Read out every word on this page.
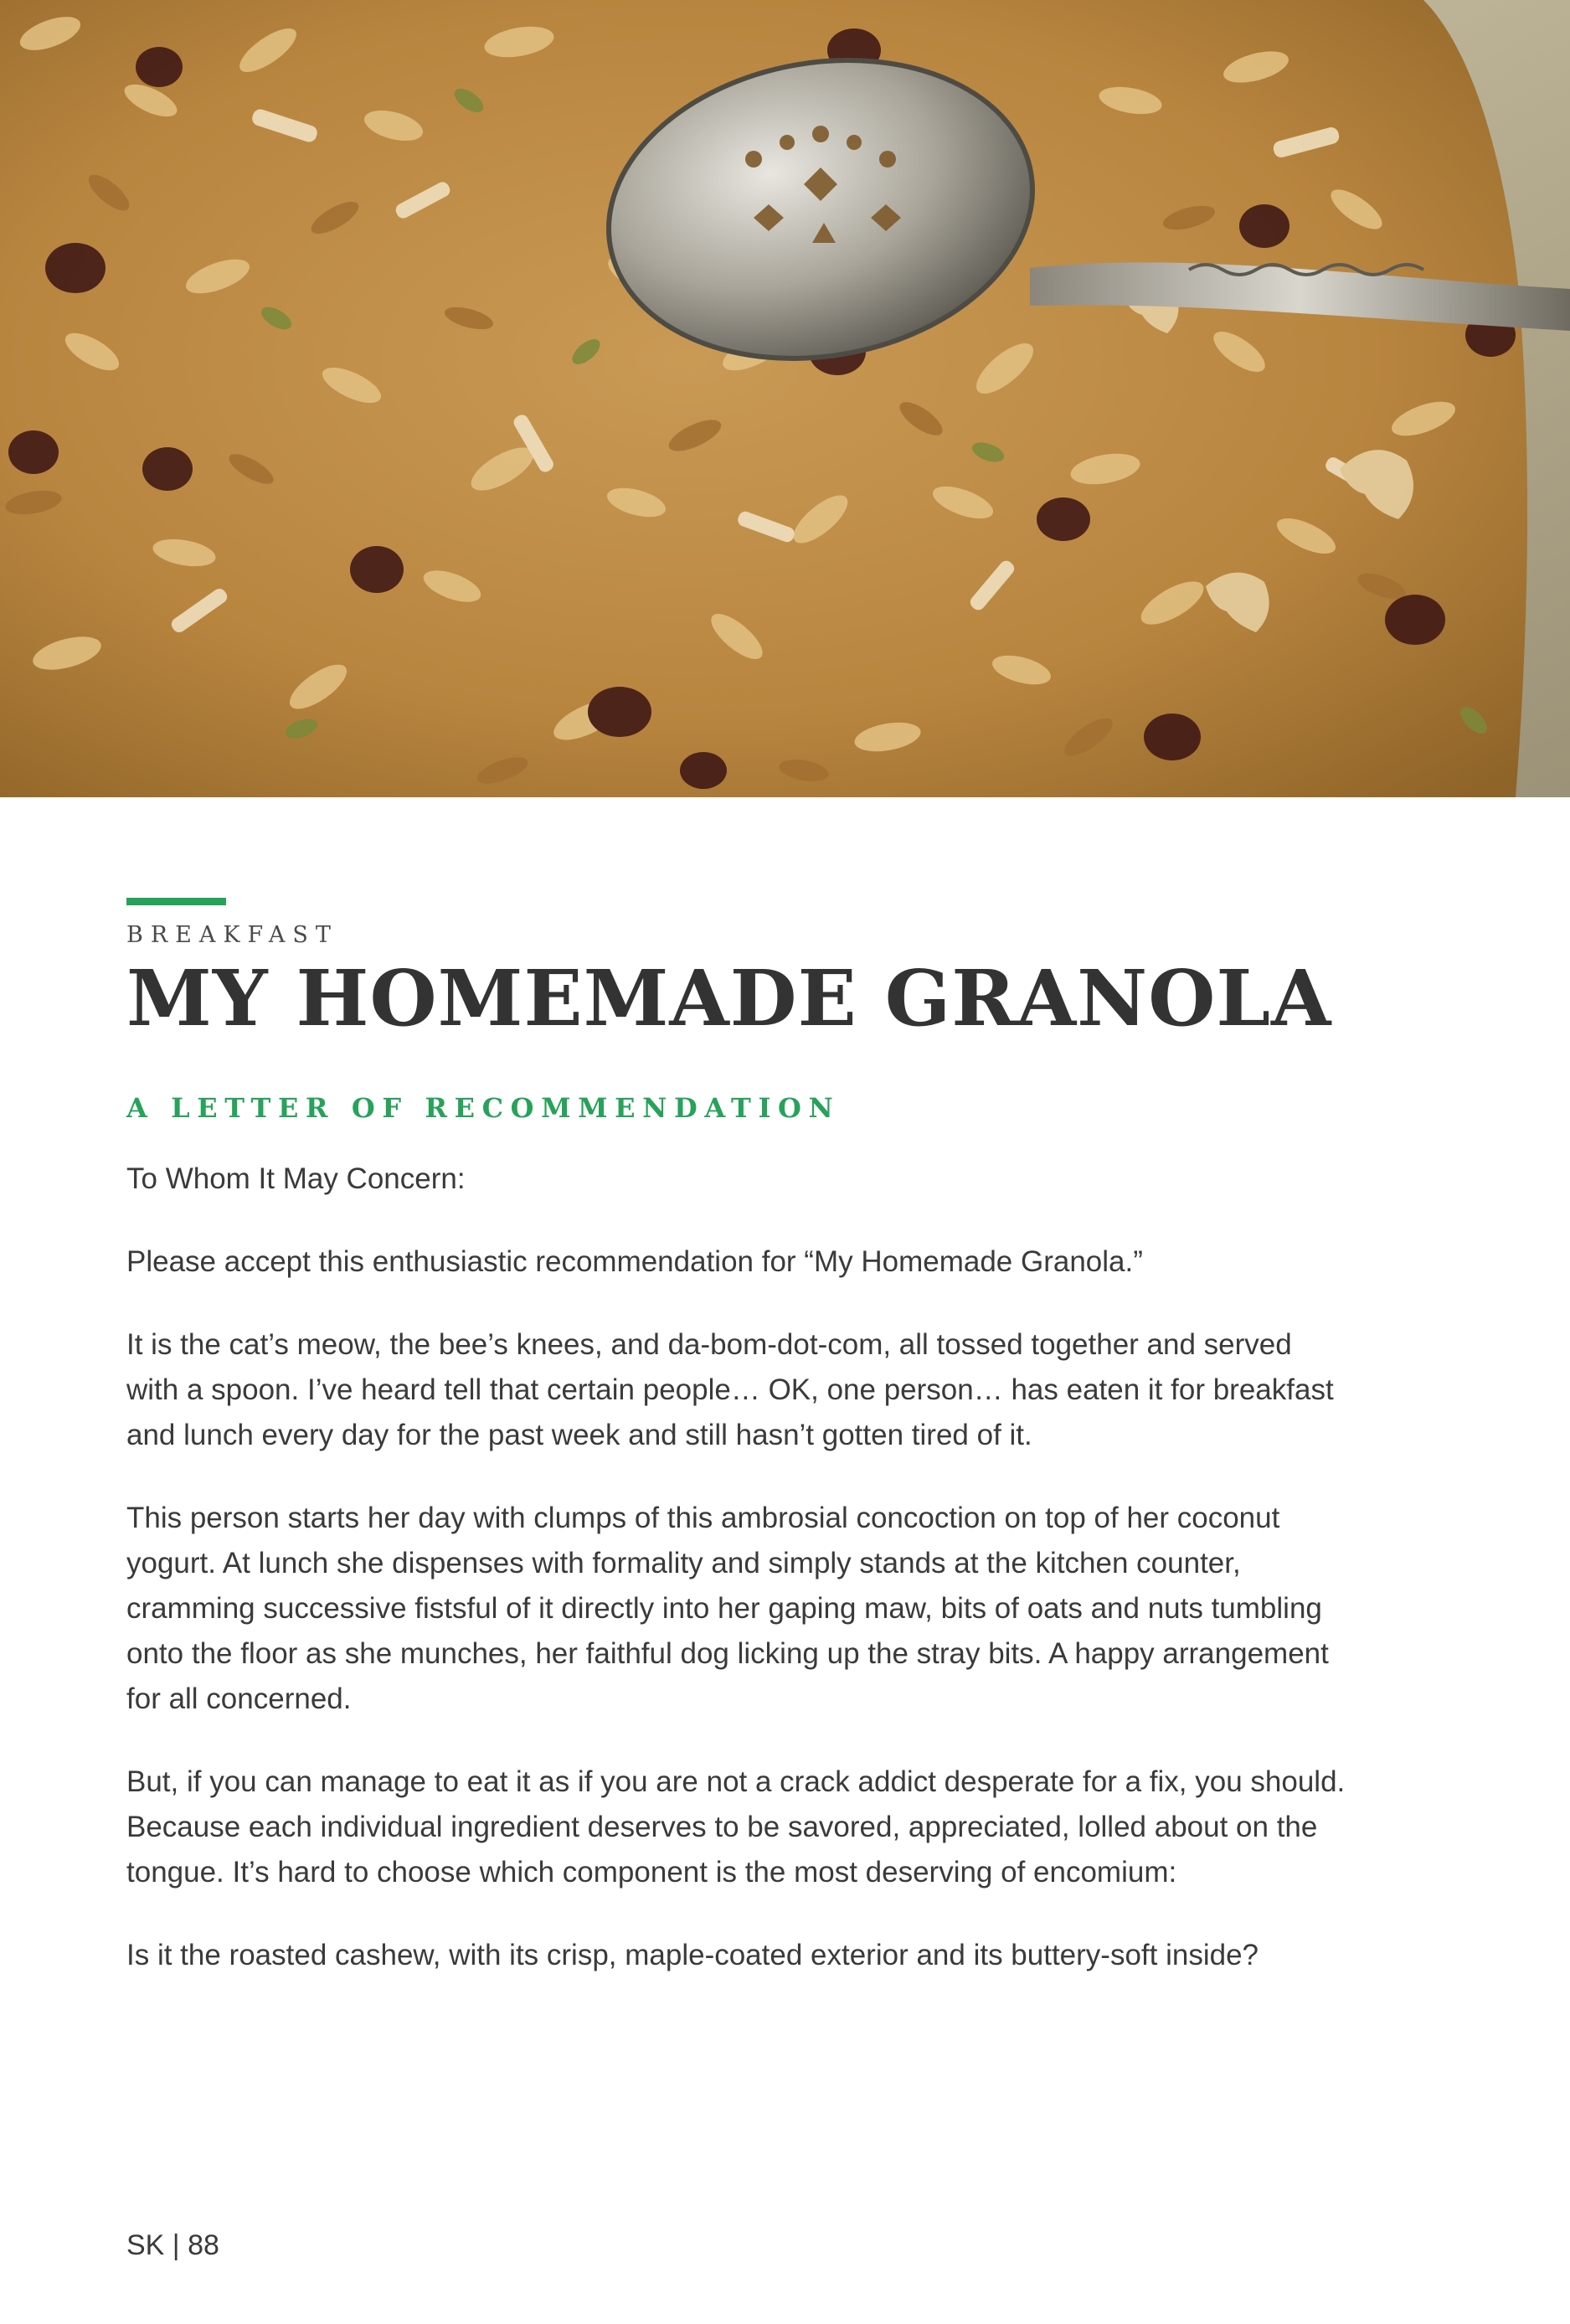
BREAKFAST
MY HOMEMADE GRANOLA
A LETTER OF RECOMMENDATION

To Whom It May Concern:

Please accept this enthusiastic recommendation for “My Homemade Granola.”

It is the cat’s meow, the bee’s knees, and da-bom-dot-com, all tossed together and served with a spoon. I’ve heard tell that certain people… OK, one person… has eaten it for breakfast and lunch every day for the past week and still hasn’t gotten tired of it.

This person starts her day with clumps of this ambrosial concoction on top of her coconut yogurt. At lunch she dispenses with formality and simply stands at the kitchen counter, cramming successive fistsful of it directly into her gaping maw, bits of oats and nuts tumbling onto the floor as she munches, her faithful dog licking up the stray bits. A happy arrangement for all concerned.

But, if you can manage to eat it as if you are not a crack addict desperate for a fix, you should. Because each individual ingredient deserves to be savored, appreciated, lolled about on the tongue. It’s hard to choose which component is the most deserving of encomium:

Is it the roasted cashew, with its crisp, maple-coated exterior and its buttery-soft inside?

SK | 88
